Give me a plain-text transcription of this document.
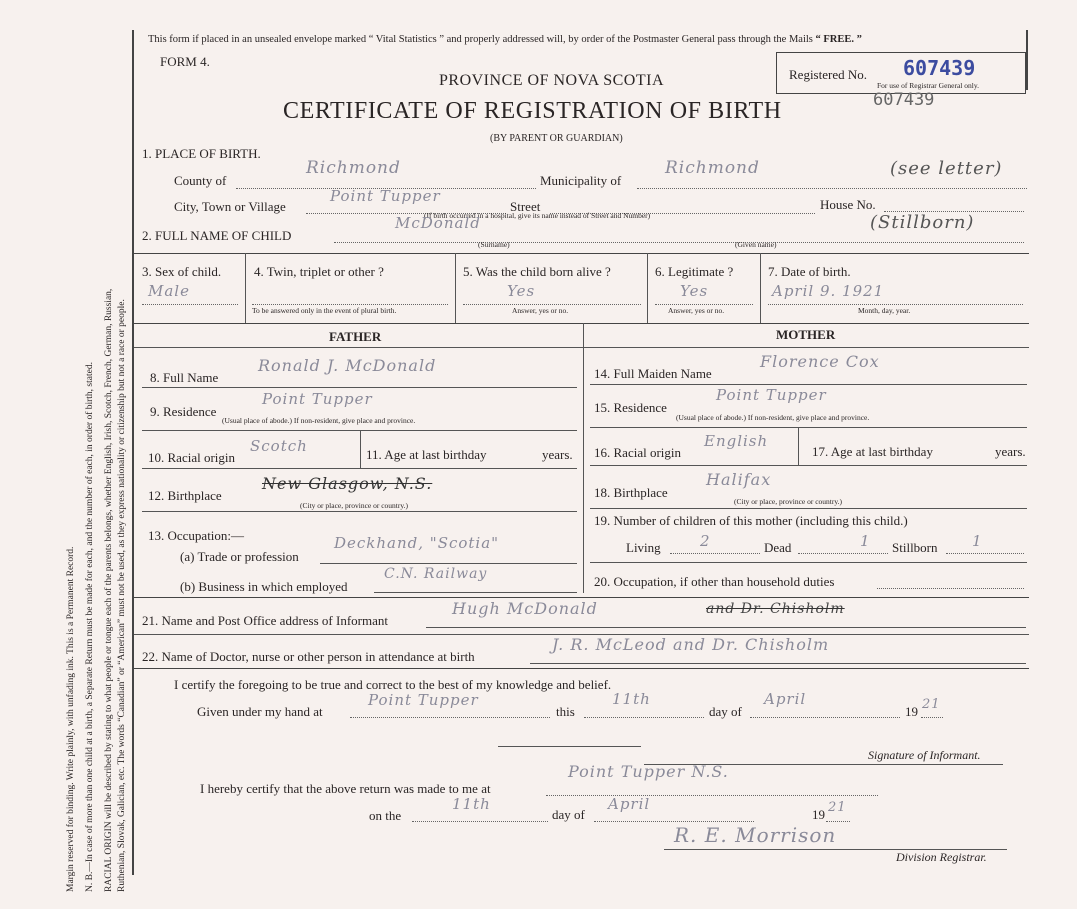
Margin reserved for binding. Write plainly, with unfading ink. This is a Permanent Record. N. B.—In case of more than one child at a birth, a Separate Return must be made for each, and the number of each, in order of birth, stated. RACIAL ORIGIN will be described by stating to what people or tongue each of the parents belongs, whether English, Irish, Scotch, French, German, Russian, Ruthenian, Slovak, Galician, etc. The words “Canadian” or “American” must not be used, as they express nationality or citizenship but not a race or people.
This form if placed in an unsealed envelope marked “ Vital Statistics ” and properly addressed will, by order of the Postmaster General pass through the Mails “ FREE. ”
FORM 4.
PROVINCE OF NOVA SCOTIA
CERTIFICATE OF REGISTRATION OF BIRTH
(BY PARENT OR GUARDIAN)
Registered No. 607439
For use of Registrar General only.
607439
1. PLACE OF BIRTH.
County of
Richmond
Municipality of
Richmond	(see letter)
City, Town or Village
Point Tupper
Street	House No.
(If birth occurred in a hospital, give its name instead of Street and Number)
2. FULL NAME OF CHILD
McDonald	(Stillborn)
(Surname)	(Given name)
3. Sex of child.
Male
4. Twin, triplet or other ?
To be answered only in the event of plural birth.
5. Was the child born alive ?
Yes
Answer, yes or no.
6. Legitimate ?
Yes
Answer, yes or no.
7. Date of birth.
April 9. 1921
Month, day, year.
FATHER	MOTHER
8. Full Name
Ronald J. McDonald
9. Residence
Point Tupper
(Usual place of abode.) If non-resident, give place and province.
10. Racial origin
Scotch	11. Age at last birthday	years.
12. Birthplace
New Glasgow, N.S.
(City or place, province or country.)
13. Occupation:—
(a) Trade or profession
Deckhand, "Scotia"
(b) Business in which employed
C.N. Railway
14. Full Maiden Name
Florence Cox
15. Residence
Point Tupper
(Usual place of abode.) If non-resident, give place and province.
16. Racial origin
English
17. Age at last birthday	years.
18. Birthplace
Halifax
(City or place, province or country.)
19. Number of children of this mother (including this child.)
Living	2	Dead	1 Stillborn 1
20. Occupation, if other than household duties
21. Name and Post Office address of Informant
Hugh McDonald	and Dr. Chisholm
22. Name of Doctor, nurse or other person in attendance at birth
J. R. McLeod and Dr. Chisholm
I certify the foregoing to be true and correct to the best of my knowledge and belief.
Given under my hand at
Point Tupper
this
11th
day of
April
19 21
Signature of Informant.
I hereby certify that the above return was made to me at
Point Tupper N.S.
on the
11th
day of
April
19 21
R. E. Morrison
Division Registrar.
